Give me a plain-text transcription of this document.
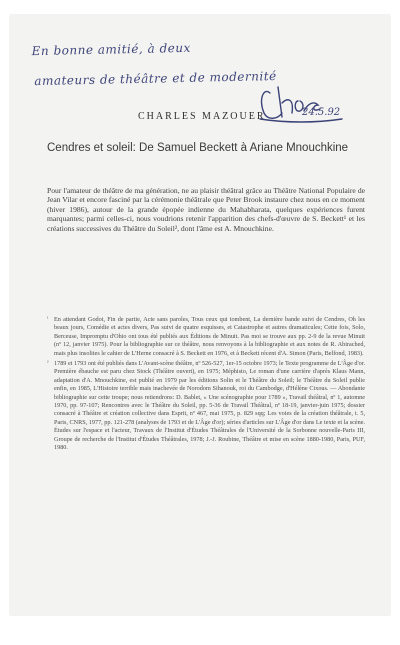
En bonne amitié, à deux
amateurs de théâtre et de modernité
24.5.92
CHARLES MAZOUER
Cendres et soleil: De Samuel Beckett à Ariane Mnouchkine

Pour l'amateur de théâtre de ma génération, ne au plaisir théâtral grâce au Théâtre National Populaire de Jean Vilar et encore fasciné par la cérémonie théâtrale que Peter Brook instaure chez nous en ce moment (hiver 1986), autour de la grande épopée indienne du Mahabharata, quelques expériences furent marquantes; parmi celles-ci, nous voudrions retenir l'apparition des chefs-d'œuvre de S. Beckett¹ et les créations successives du Théâtre du Soleil², dont l'âme est A. Mnouchkine.

¹ En attendant Godot, Fin de partie, Acte sans paroles, Tous ceux qui tombent, La dernière bande suivi de Cendres, Oh les beaux jours, Comédie et actes divers, Pas suivi de quatre esquisses, et Catastrophe et autres dramaticules; Cette fois, Solo, Berceuse, Impromptu d'Ohio ont tous été publiés aux Éditions de Minuit. Pas moi se trouve aux pp. 2-9 de la revue Minuit (nº 12, janvier 1975). Pour la bibliographie sur ce théâtre, nous renvoyons à la bibliographie et aux notes de R. Abirached, mais plus insolites le cahier de L'Herne consacré à S. Beckett en 1976, et à Beckett récent d'A. Simon (Paris, Belfond, 1983).
² 1789 et 1793 ont été publiés dans L'Avant-scène théâtre, nº 526-527, 1er-15 octobre 1973; le Texte programme de L'Âge d'or. Première ébauche est paru chez Stock (Théâtre ouvert), en 1975; Méphisto, Le roman d'une carrière d'après Klaus Mann, adaptation d'A. Mnouchkine, est publié en 1979 par les éditions Solin et le Théâtre du Soleil; le Théâtre du Soleil publie enfin, en 1985, L'Histoire terrible mais inachevée de Norodom Sihanouk, roi du Cambodge, d'Hélène Cixous. — Abondante bibliographie sur cette troupe; nous retiendrons: D. Bablet, « Une scénographie pour 1789 », Travail théâtral, nº 1, automne 1970, pp. 97-107; Rencontres avec le Théâtre du Soleil, pp. 5-36 de Travail Théâtral, nº 18-19, janvier-juin 1975; dossier consacré à Théâtre et création collective dans Esprit, nº 467, mai 1975, p. 829 sqq; Les voies de la création théâtrale, t. 5, Paris, CNRS, 1977, pp. 121-278 (analyses de 1793 et de L'Âge d'or); séries d'articles sur L'Âge d'or dans Le texte et la scène. Études sur l'espace et l'acteur, Travaux de l'Institut d'Études Théâtrales de l'Université de la Sorbonne nouvelle-Paris III, Groupe de recherche de l'Institut d'Études Théâtrales, 1978; J.-J. Roubine, Théâtre et mise en scène 1880-1980, Paris, PUF, 1980.
